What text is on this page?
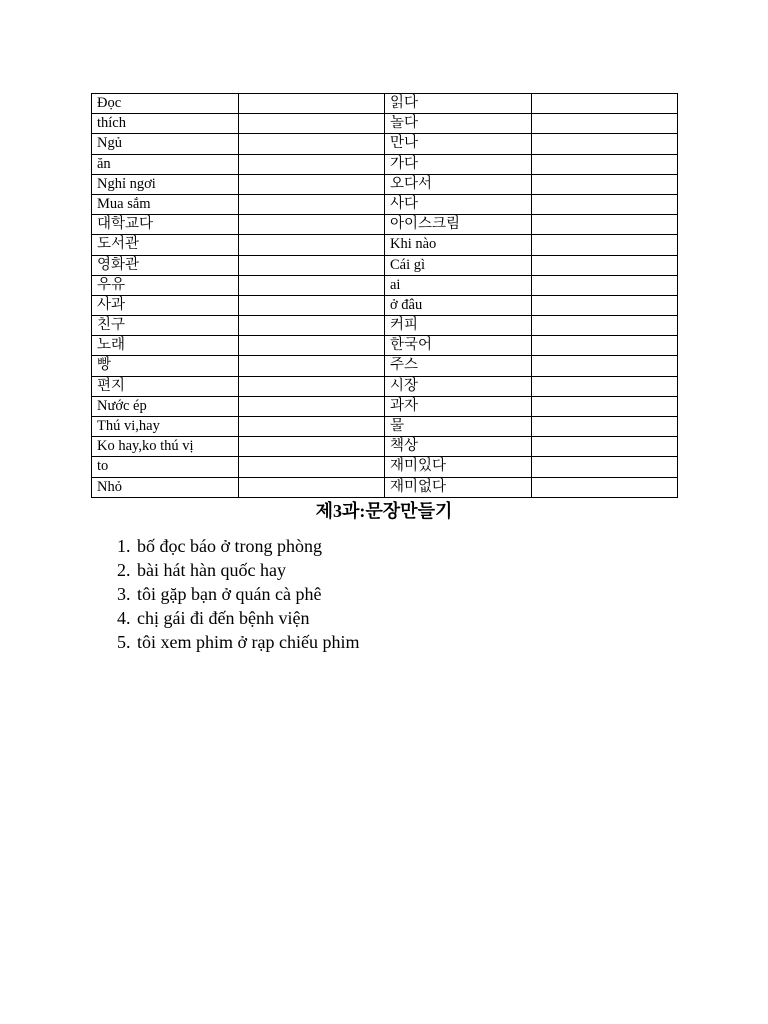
Đọc		읽다	
thích		놀다	
Ngủ		만나	
ăn		가다	
Nghỉ ngơi		오다서	
Mua sắm		사다	
대학교다		아이스크림	
도서관		Khi nào	
영화관		Cái gì	
우유		ai	
사과		ở đâu	
친구		커피	
노래		한국어	
빵		주스	
편지		시장	
Nước ép		과자	
Thú vi,hay		물	
Ko hay,ko thú vị		책상	
to		재미있다	
Nhỏ		재미없다	
제3과:문장만들기
1. bố đọc báo ở trong phòng
2. bài hát hàn quốc hay
3. tôi gặp bạn ở quán cà phê
4. chị gái đi đến bệnh viện
5. tôi xem phim ở rạp chiếu phim
